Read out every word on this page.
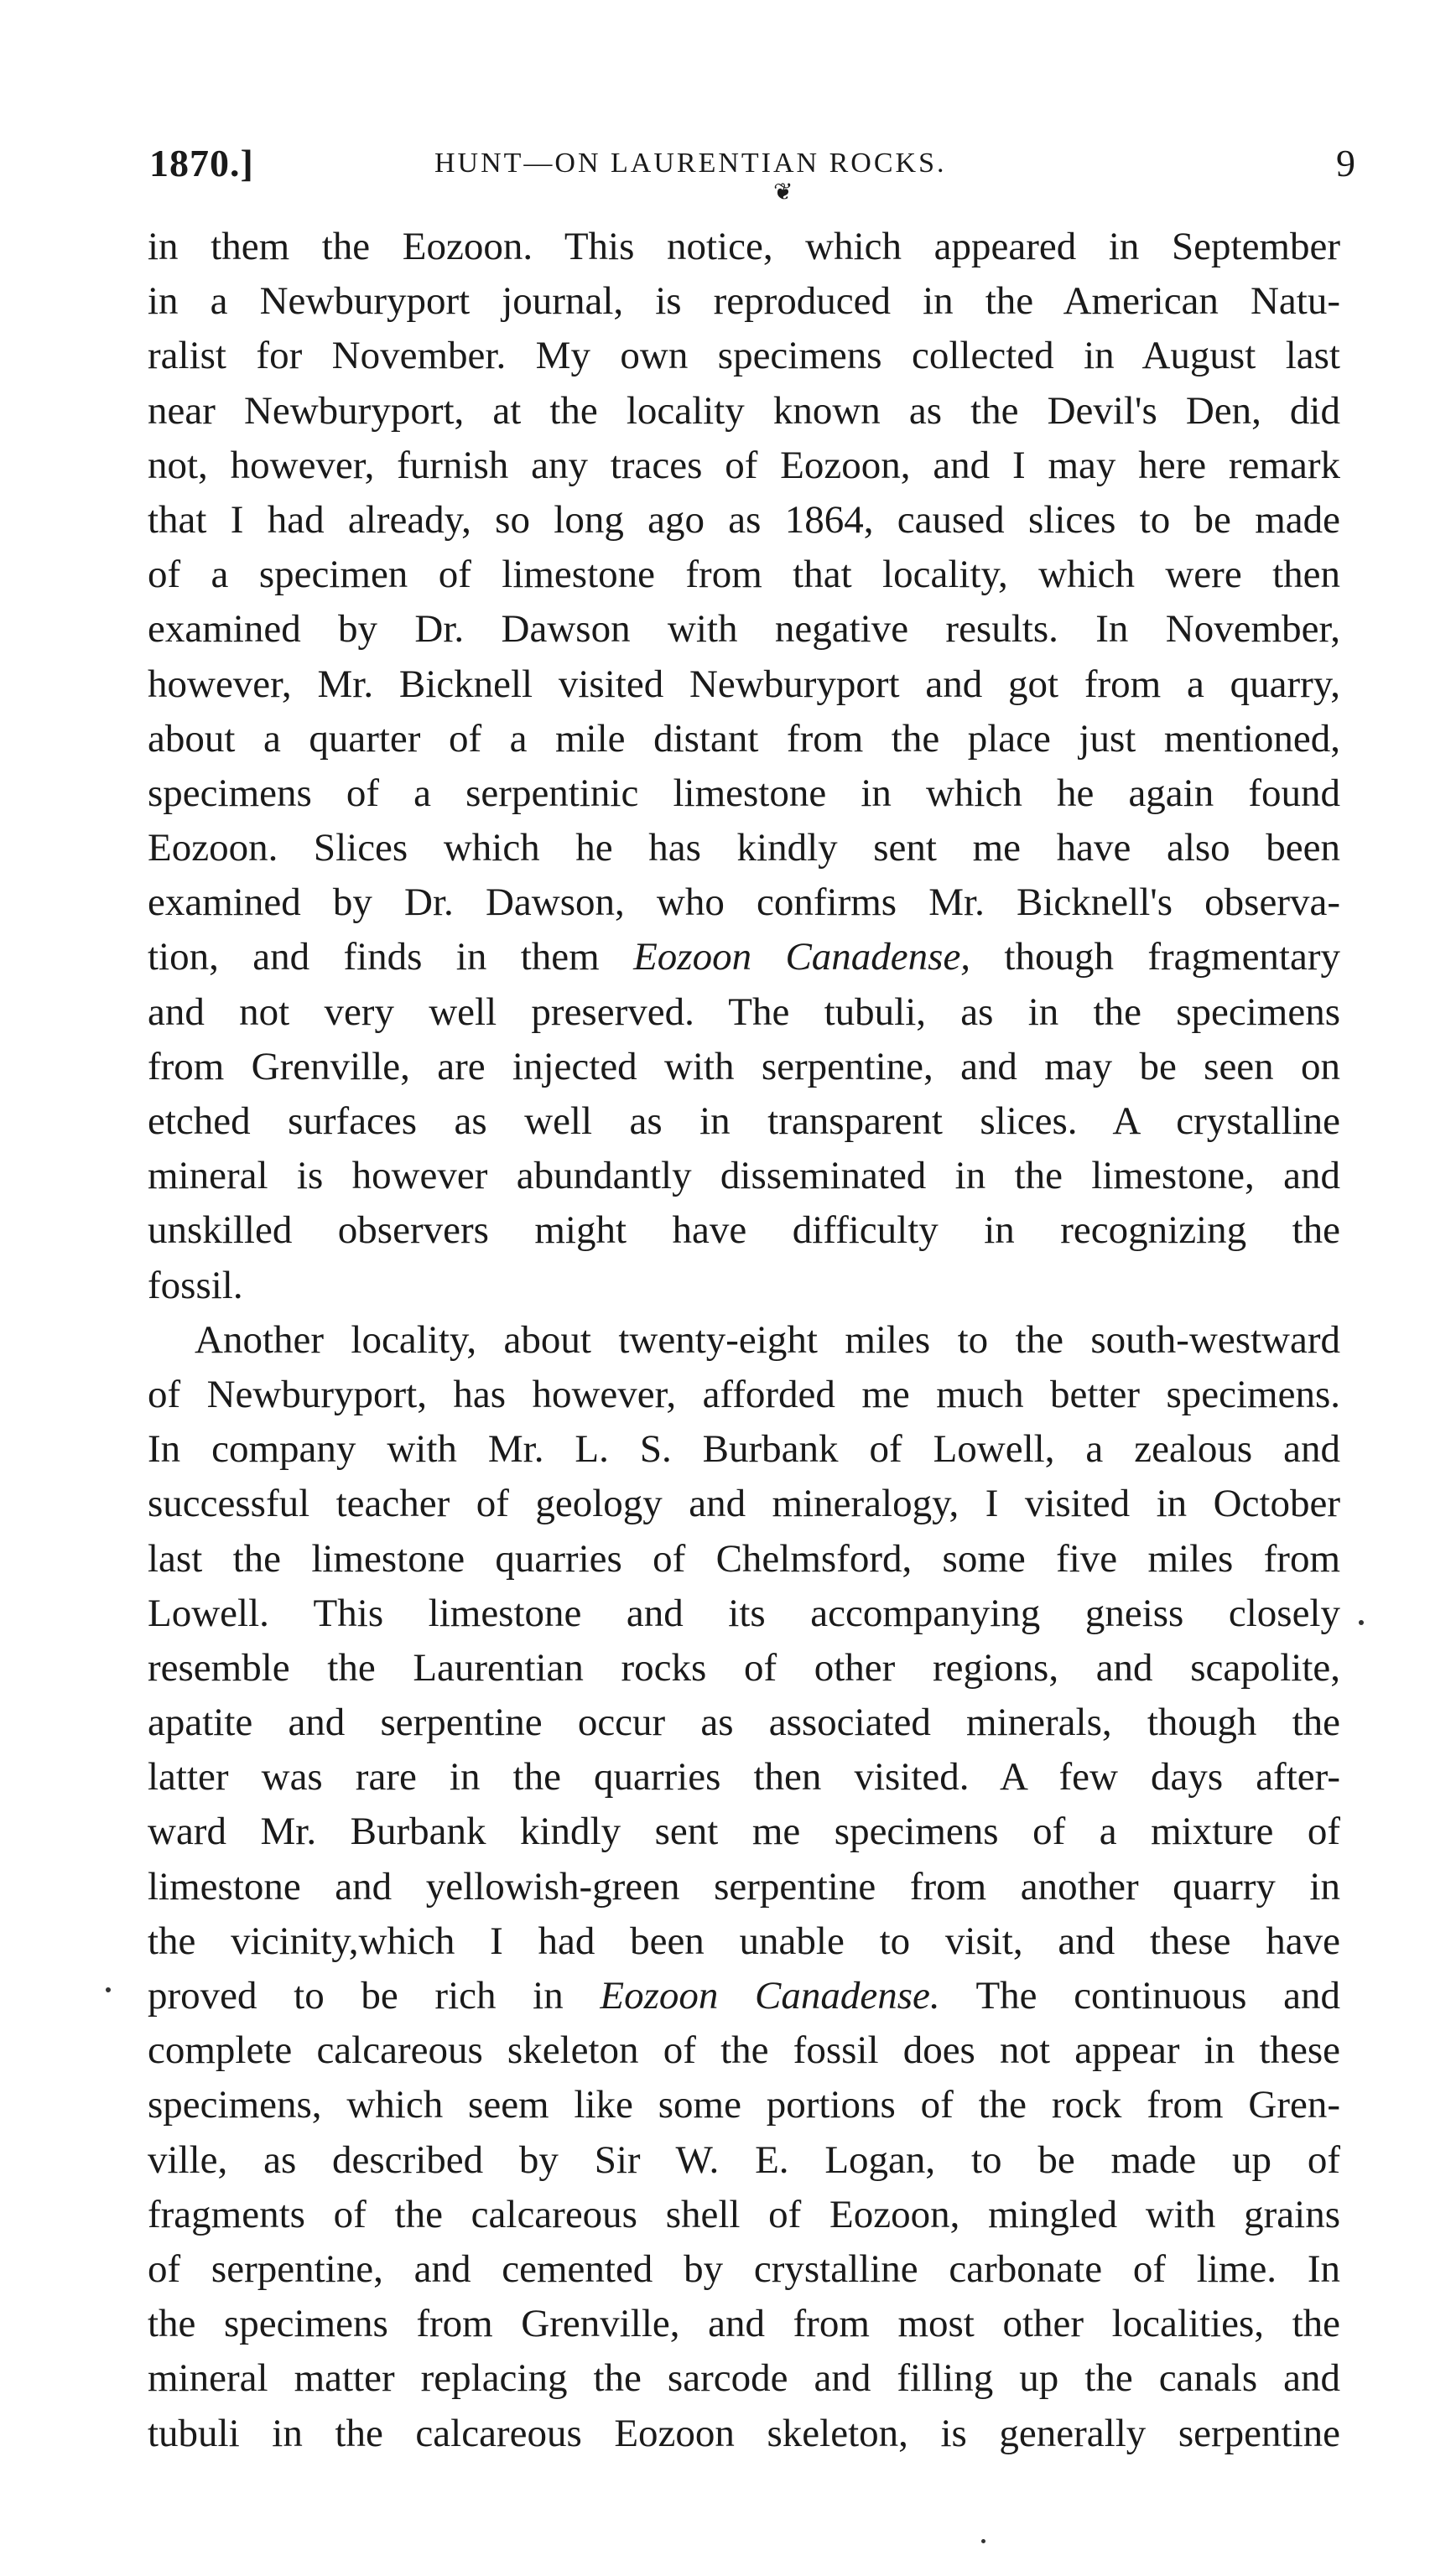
1870.]	HUNT—ON LAURENTIAN ROCKS.	9
❦

in them the Eozoon. This notice, which appeared in September
in a Newburyport journal, is reproduced in the American Natu-
ralist for November. My own specimens collected in August last
near Newburyport, at the locality known as the Devil's Den, did
not, however, furnish any traces of Eozoon, and I may here remark
that I had already, so long ago as 1864, caused slices to be made
of a specimen of limestone from that locality, which were then
examined by Dr. Dawson with negative results. In November,
however, Mr. Bicknell visited Newburyport and got from a quarry,
about a quarter of a mile distant from the place just mentioned,
specimens of a serpentinic limestone in which he again found
Eozoon. Slices which he has kindly sent me have also been
examined by Dr. Dawson, who confirms Mr. Bicknell's observa-
tion, and finds in them Eozoon Canadense, though fragmentary
and not very well preserved. The tubuli, as in the specimens
from Grenville, are injected with serpentine, and may be seen on
etched surfaces as well as in transparent slices. A crystalline
mineral is however abundantly disseminated in the limestone, and
unskilled observers might have difficulty in recognizing the
fossil.

Another locality, about twenty-eight miles to the south-westward
of Newburyport, has however, afforded me much better specimens.
In company with Mr. L. S. Burbank of Lowell, a zealous and
successful teacher of geology and mineralogy, I visited in October
last the limestone quarries of Chelmsford, some five miles from
Lowell. This limestone and its accompanying gneiss closely
resemble the Laurentian rocks of other regions, and scapolite,
apatite and serpentine occur as associated minerals, though the
latter was rare in the quarries then visited. A few days after-
ward Mr. Burbank kindly sent me specimens of a mixture of
limestone and yellowish-green serpentine from another quarry in
the vicinity,which I had been unable to visit, and these have
proved to be rich in Eozoon Canadense. The continuous and
complete calcareous skeleton of the fossil does not appear in these
specimens, which seem like some portions of the rock from Gren-
ville, as described by Sir W. E. Logan, to be made up of
fragments of the calcareous shell of Eozoon, mingled with grains
of serpentine, and cemented by crystalline carbonate of lime. In
the specimens from Grenville, and from most other localities, the
mineral matter replacing the sarcode and filling up the canals and
tubuli in the calcareous Eozoon skeleton, is generally serpentine
